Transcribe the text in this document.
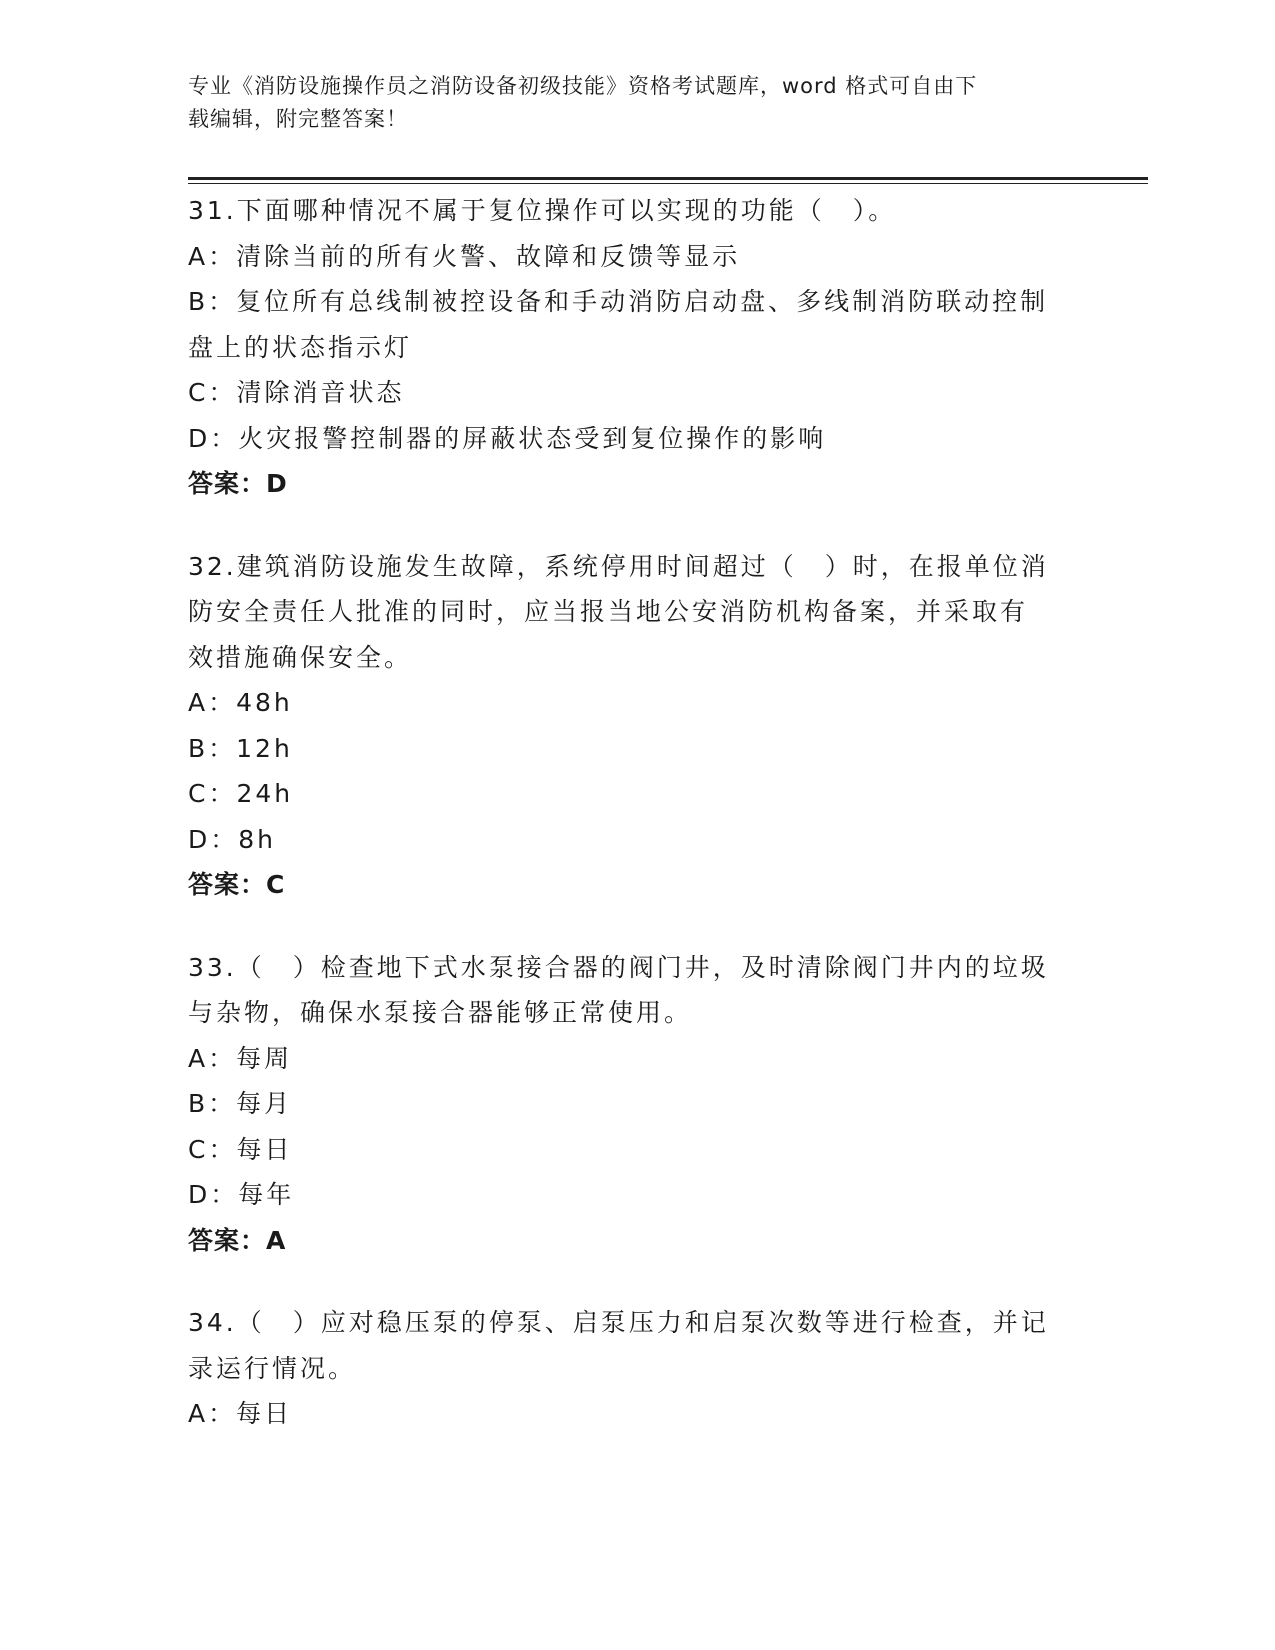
专业《消防设施操作员之消防设备初级技能》资格考试题库，word 格式可自由下
载编辑，附完整答案！
31.下面哪种情况不属于复位操作可以实现的功能（　）。
A：清除当前的所有火警、故障和反馈等显示
B：复位所有总线制被控设备和手动消防启动盘、多线制消防联动控制
盘上的状态指示灯
C：清除消音状态
D：火灾报警控制器的屏蔽状态受到复位操作的影响
答案：D
32.建筑消防设施发生故障，系统停用时间超过（　）时，在报单位消
防安全责任人批准的同时，应当报当地公安消防机构备案，并采取有
效措施确保安全。
A：48h
B：12h
C：24h
D：8h
答案：C
33.（　）检查地下式水泵接合器的阀门井，及时清除阀门井内的垃圾
与杂物，确保水泵接合器能够正常使用。
A：每周
B：每月
C：每日
D：每年
答案：A
34.（　）应对稳压泵的停泵、启泵压力和启泵次数等进行检查，并记
录运行情况。
A：每日
